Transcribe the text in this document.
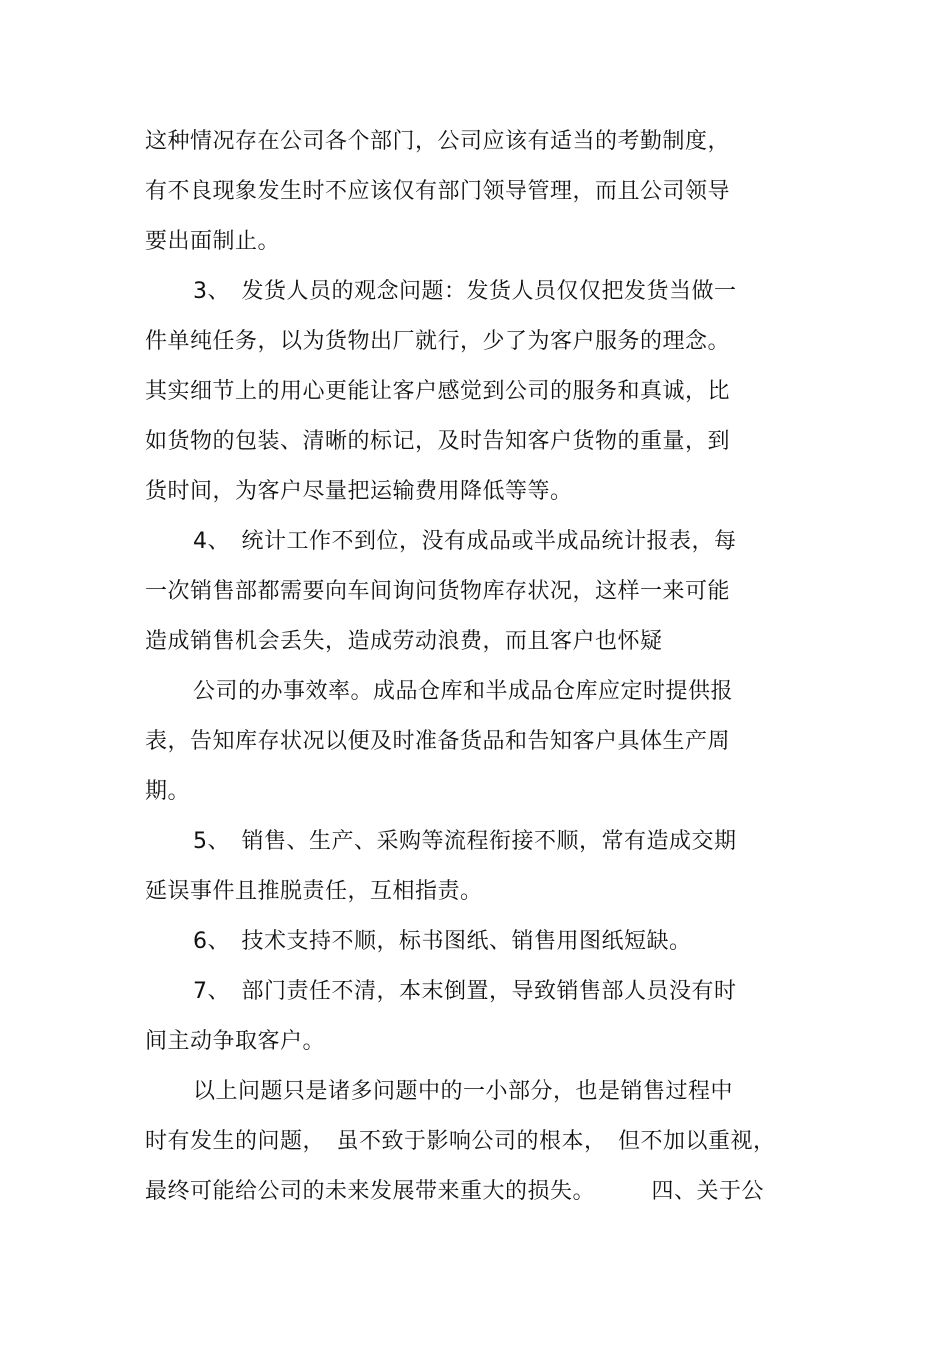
这种情况存在公司各个部门，公司应该有适当的考勤制度，
有不良现象发生时不应该仅有部门领导管理，而且公司领导
要出面制止。
3、　发货人员的观念问题：发货人员仅仅把发货当做一
件单纯任务，以为货物出厂就行，少了为客户服务的理念。
其实细节上的用心更能让客户感觉到公司的服务和真诚，比
如货物的包装、清晰的标记，及时告知客户货物的重量，到
货时间，为客户尽量把运输费用降低等等。
4、　统计工作不到位，没有成品或半成品统计报表，每
一次销售部都需要向车间询问货物库存状况，这样一来可能
造成销售机会丢失，造成劳动浪费，而且客户也怀疑
公司的办事效率。成品仓库和半成品仓库应定时提供报
表，告知库存状况以便及时准备货品和告知客户具体生产周
期。
5、　销售、生产、采购等流程衔接不顺，常有造成交期
延误事件且推脱责任，互相指责。
6、　技术支持不顺，标书图纸、销售用图纸短缺。
7、　部门责任不清，本末倒置，导致销售部人员没有时
间主动争取客户。
以上问题只是诸多问题中的一小部分，也是销售过程中
时有发生的问题，　虽不致于影响公司的根本，　但不加以重视，
最终可能给公司的未来发展带来重大的损失。　　　四、关于公
